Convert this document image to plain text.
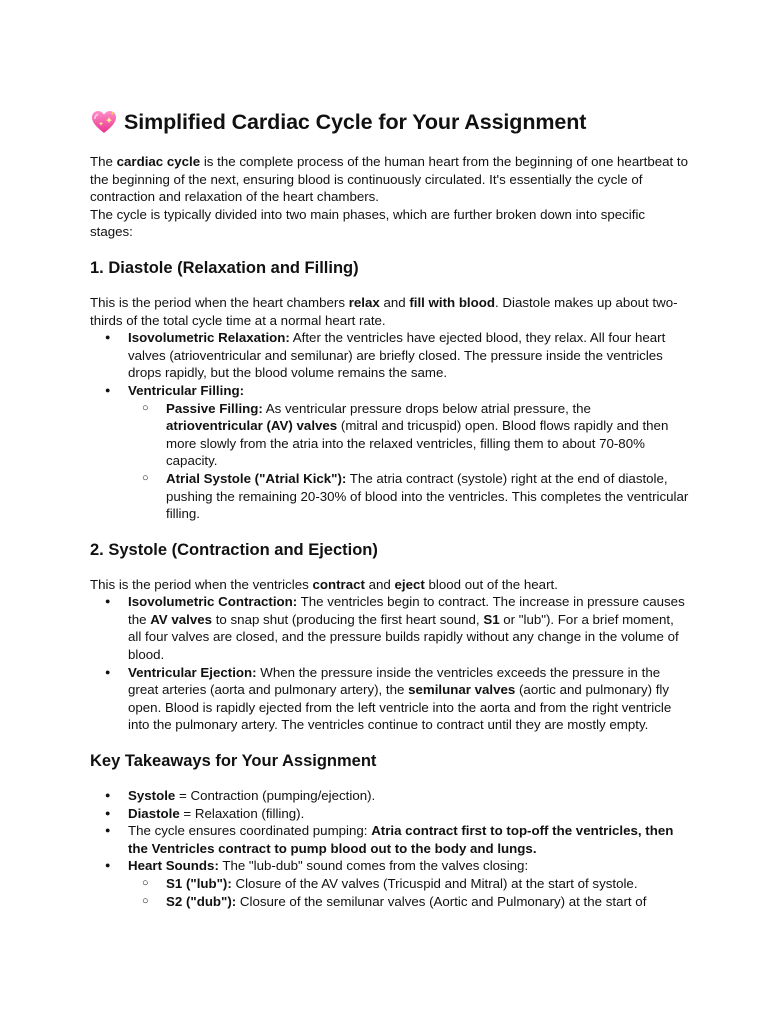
Simplified Cardiac Cycle for Your Assignment

The cardiac cycle is the complete process of the human heart from the beginning of one heartbeat to the beginning of the next, ensuring blood is continuously circulated. It's essentially the cycle of contraction and relaxation of the heart chambers.

The cycle is typically divided into two main phases, which are further broken down into specific stages:

1. Diastole (Relaxation and Filling)

This is the period when the heart chambers relax and fill with blood. Diastole makes up about two-thirds of the total cycle time at a normal heart rate.

● Isovolumetric Relaxation: After the ventricles have ejected blood, they relax. All four heart valves (atrioventricular and semilunar) are briefly closed. The pressure inside the ventricles drops rapidly, but the blood volume remains the same.
● Ventricular Filling:
○ Passive Filling: As ventricular pressure drops below atrial pressure, the atrioventricular (AV) valves (mitral and tricuspid) open. Blood flows rapidly and then more slowly from the atria into the relaxed ventricles, filling them to about 70-80% capacity.
○ Atrial Systole ("Atrial Kick"): The atria contract (systole) right at the end of diastole, pushing the remaining 20-30% of blood into the ventricles. This completes the ventricular filling.
2. Systole (Contraction and Ejection)

This is the period when the ventricles contract and eject blood out of the heart.

● Isovolumetric Contraction: The ventricles begin to contract. The increase in pressure causes the AV valves to snap shut (producing the first heart sound, S1 or "lub"). For a brief moment, all four valves are closed, and the pressure builds rapidly without any change in the volume of blood.
● Ventricular Ejection: When the pressure inside the ventricles exceeds the pressure in the great arteries (aorta and pulmonary artery), the semilunar valves (aortic and pulmonary) fly open. Blood is rapidly ejected from the left ventricle into the aorta and from the right ventricle into the pulmonary artery. The ventricles continue to contract until they are mostly empty.
Key Takeaways for Your Assignment
● Systole = Contraction (pumping/ejection).
● Diastole = Relaxation (filling).
● The cycle ensures coordinated pumping: Atria contract first to top-off the ventricles, then the Ventricles contract to pump blood out to the body and lungs.
● Heart Sounds: The "lub-dub" sound comes from the valves closing:
○ S1 ("lub"): Closure of the AV valves (Tricuspid and Mitral) at the start of systole.
○ S2 ("dub"): Closure of the semilunar valves (Aortic and Pulmonary) at the start of
